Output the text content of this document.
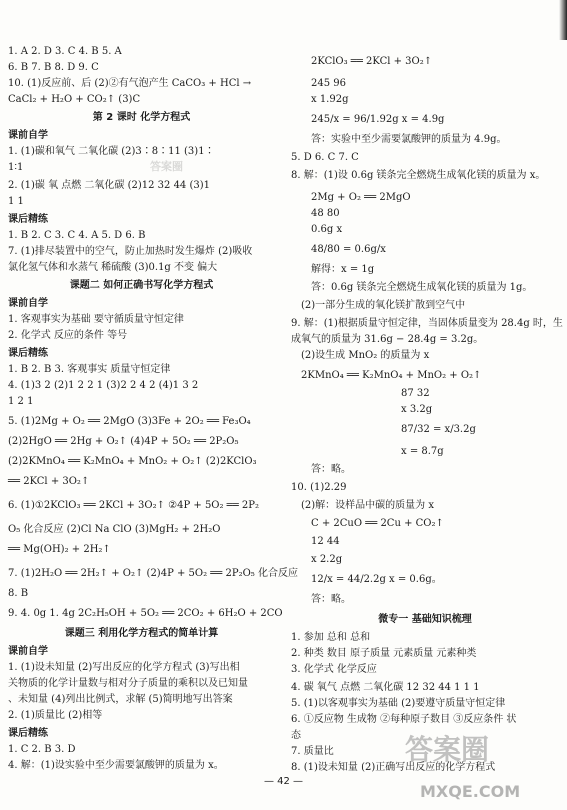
1. A 2. D 3. C 4. B 5. A
6. B 7. B 8. D 9. C
10. (1)反应前、后 (2)②有气泡产生 CaCO₃ + HCl →
CaCl₂ + H₂O + CO₂↑ (3)C
第 2 课时 化学方程式
课前自学
1. (1)碳和氧气 二氧化碳 (2)3∶8∶11 (3)1∶
1∶1
2. (1)碳 氧 点燃 二氧化碳 (2)12 32 44 (3)1
1 1
课后精练
1. B 2. C 3. C 4. A 5. D 6. B
7. (1)排尽装置中的空气，防止加热时发生爆炸 (2)吸收
氯化氢气体和水蒸气 稀硫酸 (3)0.1g 不变 偏大
课题二 如何正确书写化学方程式
课前自学
1. 客观事实为基础 要守循质量守恒定律
2. 化学式 反应的条件 等号
课后精练
1. B 2. B 3. 客观事实 质量守恒定律
4. (1)3 2 (2)1 2 2 1 (3)2 2 4 2 (4)1 3 2
1 2 1
5. (1)2Mg + O₂ ══ 2MgO (3)3Fe + 2O₂ ══ Fe₃O₄
(2)2HgO ══ 2Hg + O₂↑ (4)4P + 5O₂ ══ 2P₂O₅
(2)2KMnO₄ ══ K₂MnO₄ + MnO₂ + O₂↑ (2)2KClO₃
══ 2KCl + 3O₂↑
6. (1)①2KClO₃ ══ 2KCl + 3O₂↑ ②4P + 5O₂ ══ 2P₂
O₅ 化合反应 (2)Cl Na ClO (3)MgH₂ + 2H₂O
══ Mg(OH)₂ + 2H₂↑
7. (1)2H₂O ══ 2H₂↑ + O₂↑ (2)4P + 5O₂ ══ 2P₂O₅ 化合反应
8. B
9. 4. 0g 1. 4g 2C₂H₅OH + 5O₂ ══ 2CO₂ + 6H₂O + 2CO
课题三 利用化学方程式的简单计算
课前自学
1. (1)设未知量 (2)写出反应的化学方程式 (3)写出相
关物质的化学计量数与相对分子质量的乘积以及已知量
、未知量 (4)列出比例式，求解 (5)简明地写出答案
2. (1)质量比 (2)相等
课后精练
1. C 2. B 3. D
4. 解：(1)设实验中至少需要氯酸钾的质量为 x。
2KClO₃ ══ 2KCl + 3O₂↑
245 96
x 1.92g
245/x = 96/1.92g x = 4.9g
答：实验中至少需要氯酸钾的质量为 4.9g。
5. D 6. C 7. C
8. 解：(1)设 0.6g 镁条完全燃烧生成氧化镁的质量为 x。
2Mg + O₂ ══ 2MgO
48 80
0.6g x
48/80 = 0.6g/x
解得：x = 1g
答：0.6g 镁条完全燃烧生成氧化镁的质量为 1g。
(2)一部分生成的氧化镁扩散到空气中
9. 解：(1)根据质量守恒定律，当固体质量变为 28.4g 时，生
成氧气的质量为 31.6g − 28.4g = 3.2g。
(2)设生成 MnO₂ 的质量为 x
2KMnO₄ ══ K₂MnO₄ + MnO₂ + O₂↑
87 32
x 3.2g
87/32 = x/3.2g
x = 8.7g
答：略。
10. (1)2.29
(2)解：设样品中碳的质量为 x
C + 2CuO ══ 2Cu + CO₂↑
12 44
x 2.2g
12/x = 44/2.2g x = 0.6g。
答：略。
微专一 基础知识梳理
1. 参加 总和 总和
2. 种类 数目 原子质量 元素质量 元素种类
3. 化学式 化学反应
4. 碳 氧气 点燃 二氧化碳 12 32 44 1 1 1
5. (1)以客观事实为基础 (2)要遵守质量守恒定律
6. ①反应物 生成物 ②每种原子数目 ③反应条件 状
态
7. 质量比
8. (1)设未知量 (2)正确写出反应的化学方程式
答案圈
答案圈
MXQE.COM
— 42 —
